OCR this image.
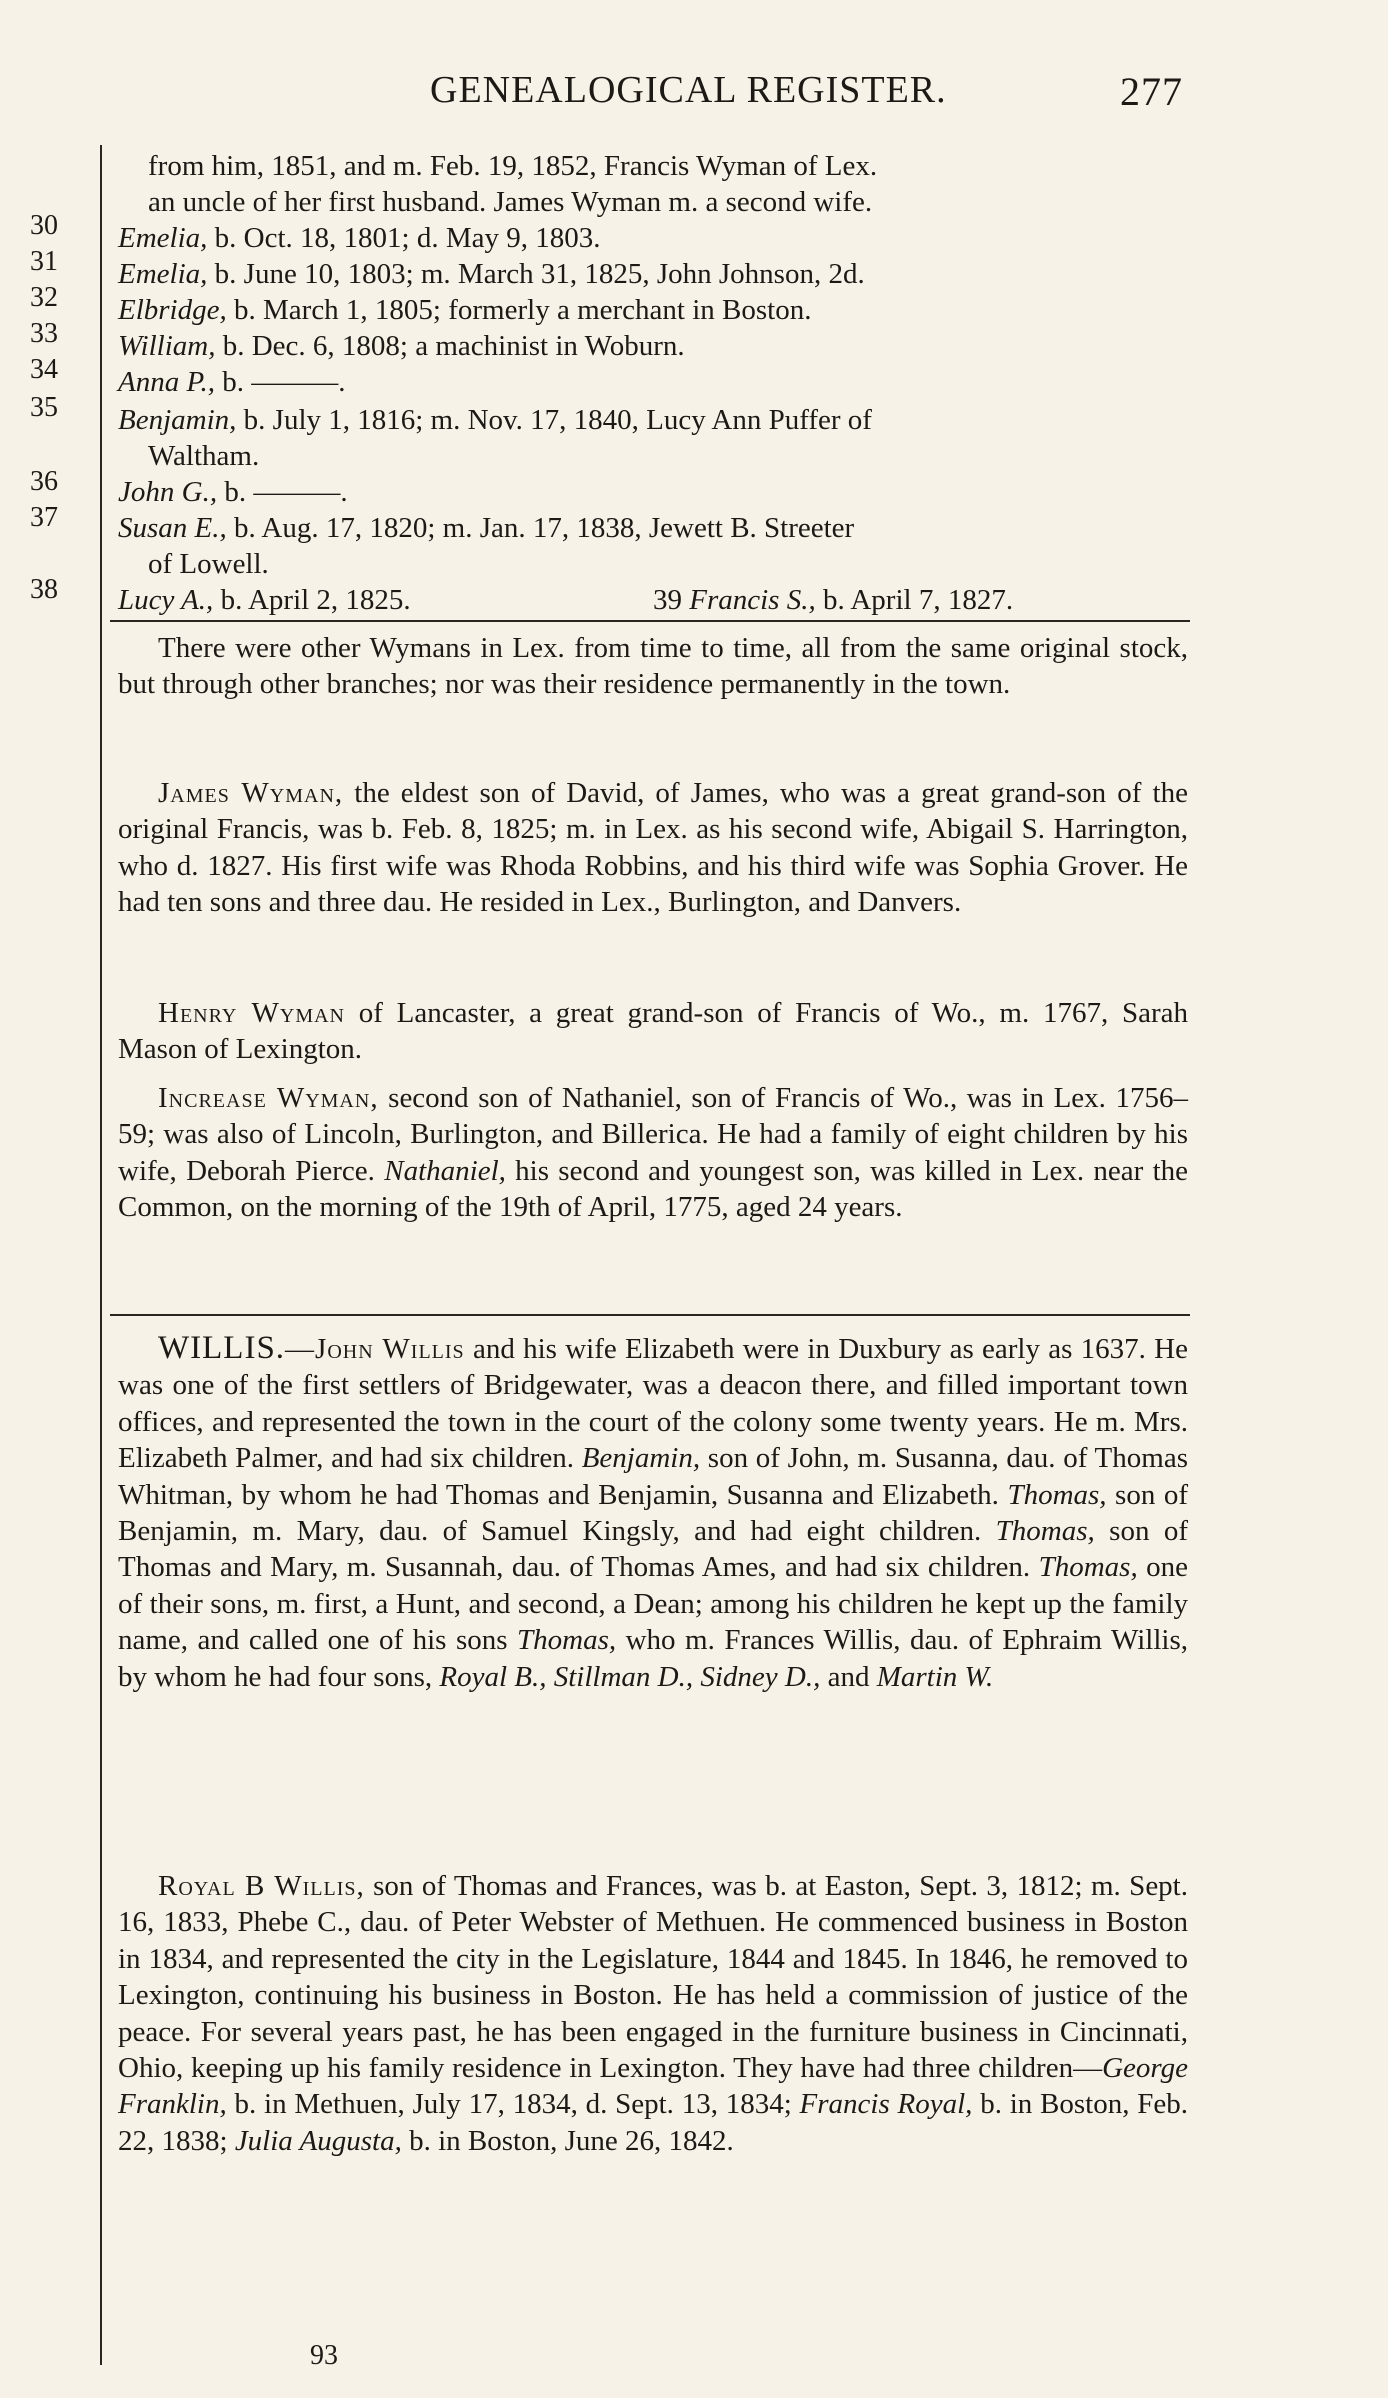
GENEALOGICAL REGISTER.	277
30
31
32
33
34
35
36
37
38
from him, 1851, and m. Feb. 19, 1852, Francis Wyman of Lex.
an uncle of her first husband. James Wyman m. a second wife.
Emelia, b. Oct. 18, 1801; d. May 9, 1803.
Emelia, b. June 10, 1803; m. March 31, 1825, John Johnson, 2d.
Elbridge, b. March 1, 1805; formerly a merchant in Boston.
William, b. Dec. 6, 1808; a machinist in Woburn.
Anna P., b. ———.
Benjamin, b. July 1, 1816; m. Nov. 17, 1840, Lucy Ann Puffer of
Waltham.
John G., b. ———.
Susan E., b. Aug. 17, 1820; m. Jan. 17, 1838, Jewett B. Streeter
of Lowell.
Lucy A., b. April 2, 1825.	39 Francis S., b. April 7, 1827.
There were other Wymans in Lex. from time to time, all from the same original stock, but through other branches; nor was their residence permanently in the town.
James Wyman, the eldest son of David, of James, who was a great grand-son of the original Francis, was b. Feb. 8, 1825; m. in Lex. as his second wife, Abigail S. Harrington, who d. 1827. His first wife was Rhoda Robbins, and his third wife was Sophia Grover. He had ten sons and three dau. He resided in Lex., Burlington, and Danvers.
Henry Wyman of Lancaster, a great grand-son of Francis of Wo., m. 1767, Sarah Mason of Lexington.
Increase Wyman, second son of Nathaniel, son of Francis of Wo., was in Lex. 1756–59; was also of Lincoln, Burlington, and Billerica. He had a family of eight children by his wife, Deborah Pierce. Nathaniel, his second and youngest son, was killed in Lex. near the Common, on the morning of the 19th of April, 1775, aged 24 years.
WILLIS.—John Willis and his wife Elizabeth were in Duxbury as early as 1637. He was one of the first settlers of Bridgewater, was a deacon there, and filled important town offices, and represented the town in the court of the colony some twenty years. He m. Mrs. Elizabeth Palmer, and had six children. Benjamin, son of John, m. Susanna, dau. of Thomas Whitman, by whom he had Thomas and Benjamin, Susanna and Elizabeth. Thomas, son of Benjamin, m. Mary, dau. of Samuel Kingsly, and had eight children. Thomas, son of Thomas and Mary, m. Susannah, dau. of Thomas Ames, and had six children. Thomas, one of their sons, m. first, a Hunt, and second, a Dean; among his children he kept up the family name, and called one of his sons Thomas, who m. Frances Willis, dau. of Ephraim Willis, by whom he had four sons, Royal B., Stillman D., Sidney D., and Martin W.
Royal B Willis, son of Thomas and Frances, was b. at Easton, Sept. 3, 1812; m. Sept. 16, 1833, Phebe C., dau. of Peter Webster of Methuen. He commenced business in Boston in 1834, and represented the city in the Legislature, 1844 and 1845. In 1846, he removed to Lexington, continuing his business in Boston. He has held a commission of justice of the peace. For several years past, he has been engaged in the furniture business in Cincinnati, Ohio, keeping up his family residence in Lexington. They have had three children—George Franklin, b. in Methuen, July 17, 1834, d. Sept. 13, 1834; Francis Royal, b. in Boston, Feb. 22, 1838; Julia Augusta, b. in Boston, June 26, 1842.
93
